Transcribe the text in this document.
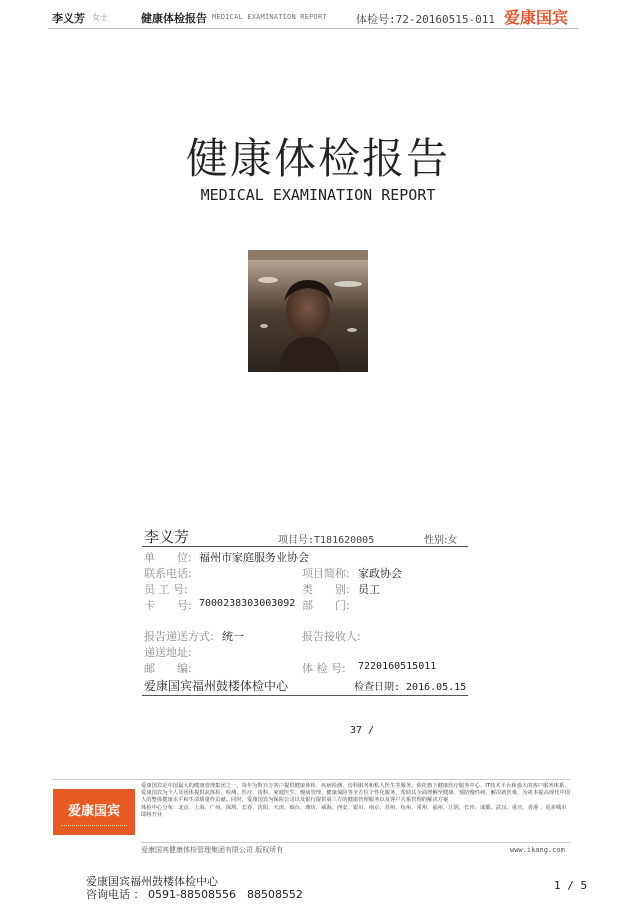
李义芳 女士	健康体检报告 MEDICAL EXAMINATION REPORT	体检号:72-20160515-011 爱康国宾
健康体检报告
MEDICAL EXAMINATION REPORT
李义芳	项目号:T181620005	性别:女
单　　位: 福州市家庭服务业协会
联系电话:	项目简称: 家政协会
员 工 号:	类　　别: 员工
卡　　号: 7000238303003092 部　　门:
报告递送方式: 统一	报告接收人:
递送地址:
邮　　编:	体 检 号: 7220160515011
爱康国宾福州鼓楼体检中心	检查日期: 2016.05.15
37 /
爱康国宾
爱康国宾是中国最大的健康管理集团之一，每年为数百万客户提供健康体检、疾病检测、齿科服务和私人医生等服务。依托旗下健康医疗服务中心、IT技术平台和强大的客户服务体系，爱康国宾为个人及团体提供从体检、检测、医疗、齿科、家庭医生、慢病管理、健康保险等全方位个性化服务，帮助其全面理解至健康、预防慢性病、解决就医难，为祖本提高现代中国人的整体健康水平和生命质量作贡献。同时，爱康国宾为保险公司以及银行提供第三方的健康管理服务以及客户关系管理的解决方案
体检中心分布：北京、上海、广州、深圳、长春、沈阳、天津、烟台、潍坊、威海、西安、银川、南京、苏州、杭州、常州、福州、江阴、长沙、成都、武汉、重庆、香港 、更多城市即将开业
爱康国宾健康体检管理集团有限公司 版权所有	www.ikang.com
爱康国宾福州鼓楼体检中心
咨询电话 ： 0591-88508556　88508552
1 / 5
